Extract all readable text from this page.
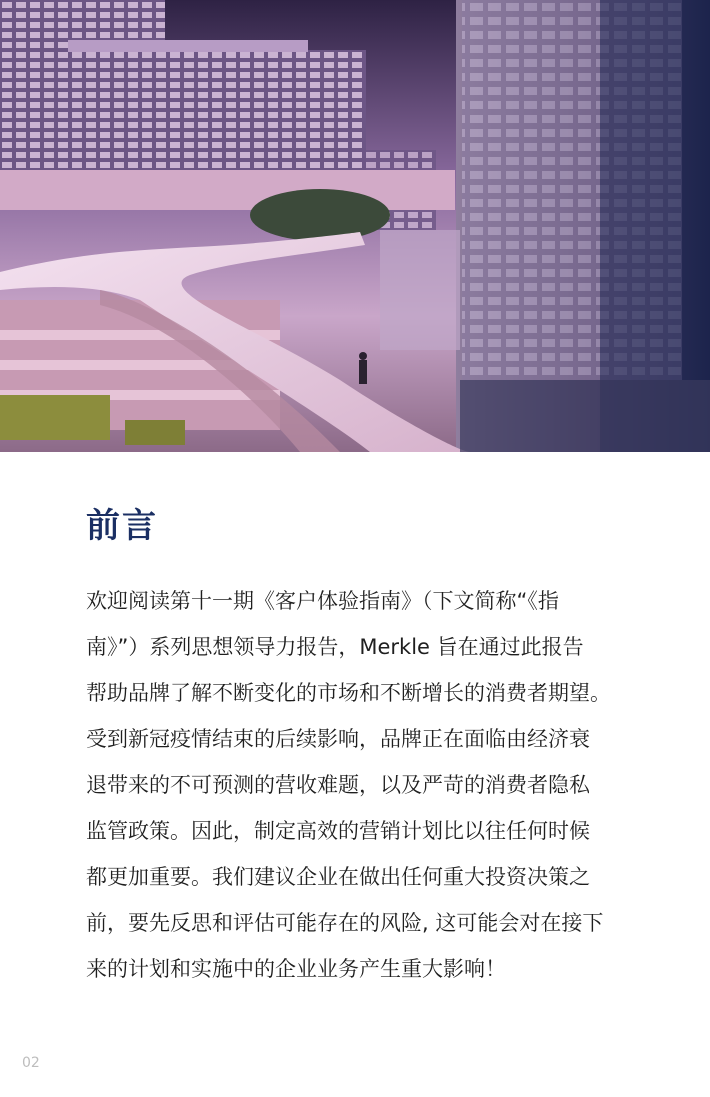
前言
欢迎阅读第十一期《客户体验指南》（下文简称“《指
南》”）系列思想领导力报告，Merkle 旨在通过此报告
帮助品牌了解不断变化的市场和不断增长的消费者期望。
受到新冠疫情结束的后续影响，品牌正在面临由经济衰
退带来的不可预测的营收难题，以及严苛的消费者隐私
监管政策。因此，制定高效的营销计划比以往任何时候
都更加重要。我们建议企业在做出任何重大投资决策之
前，要先反思和评估可能存在的风险, 这可能会对在接下
来的计划和实施中的企业业务产生重大影响！
02
